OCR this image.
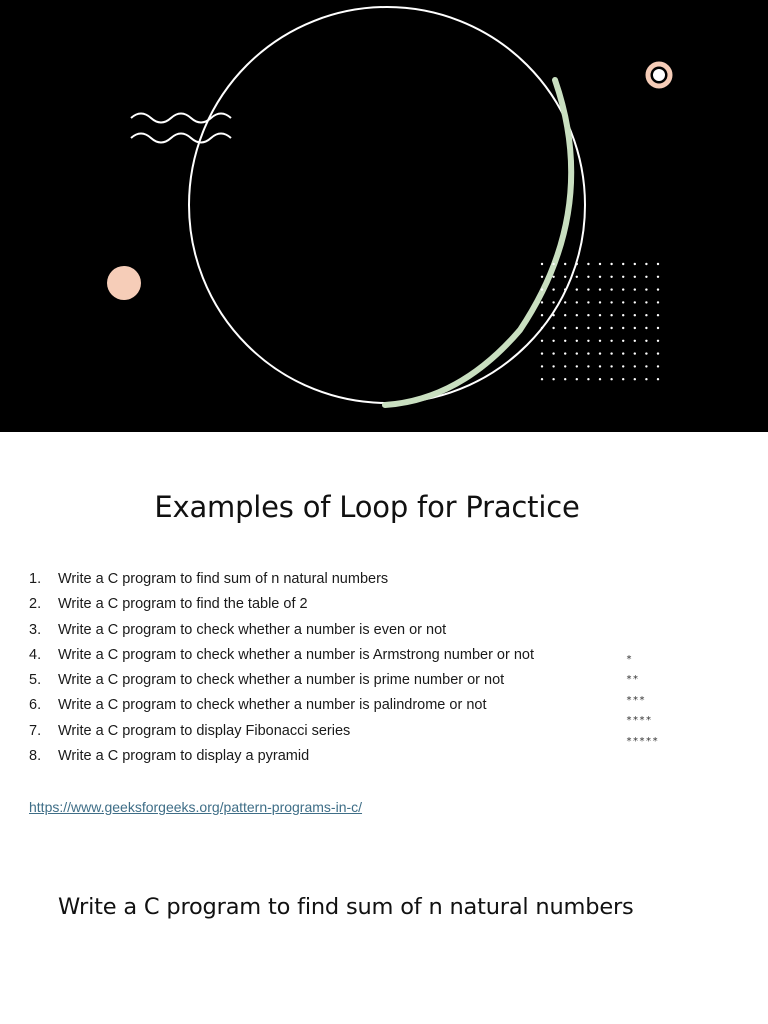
Examples of Loop for Practice
1.	Write a C program to find sum of n natural numbers
2.	Write a C program to find the table of 2
3.	Write a C program to check whether a number is even or not
4.	Write a C program to check whether a number is Armstrong number or not
5.	Write a C program to check whether a number is prime number or not
6.	Write a C program to check whether a number is palindrome or not
7.	Write a C program to display Fibonacci series
8.	Write a C program to display a pyramid
*
**
***
****
*****
https://www.geeksforgeeks.org/pattern-programs-in-c/
Write a C program to find sum of n natural numbers
